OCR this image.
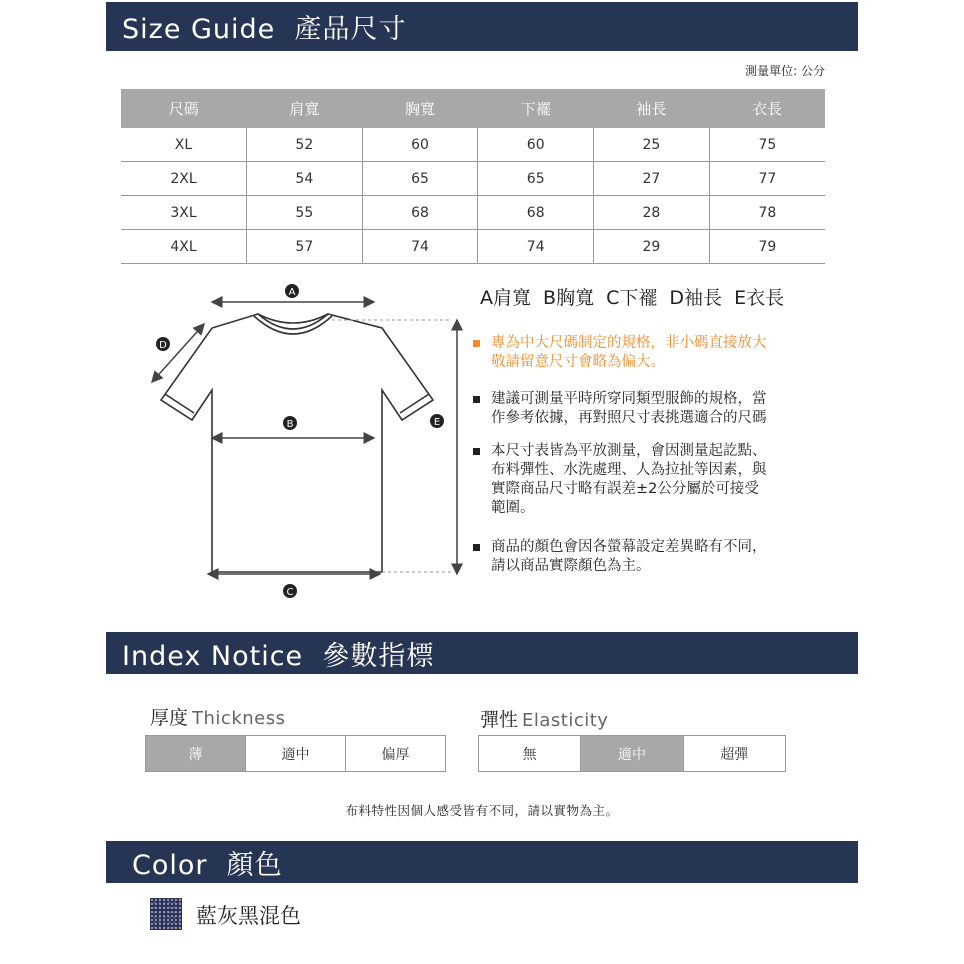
Size Guide  產品尺寸
測量單位: 公分
尺碼	肩寬	胸寬	下襬	袖長	衣長
XL	52	60	60	25	75
2XL	54	65	65	27	77
3XL	55	68	68	28	78
4XL	57	74	74	29	79
A
D
B
C
E
A肩寬 B胸寬 C下襬 D袖長 E衣長
專為中大尺碼制定的規格，非小碼直接放大
敬請留意尺寸會略為偏大。
建議可測量平時所穿同類型服飾的規格，當
作參考依據，再對照尺寸表挑選適合的尺碼
本尺寸表皆為平放測量，會因測量起訖點、
布料彈性、水洗處理、人為拉扯等因素，與
實際商品尺寸略有誤差±2公分屬於可接受
範圍。
商品的顏色會因各螢幕設定差異略有不同，
請以商品實際顏色為主。
Index Notice  參數指標
厚度 Thickness
薄	適中	偏厚
彈性 Elasticity
無	適中	超彈
布料特性因個人感受皆有不同，請以實物為主。
Color  顏色
藍灰黑混色
